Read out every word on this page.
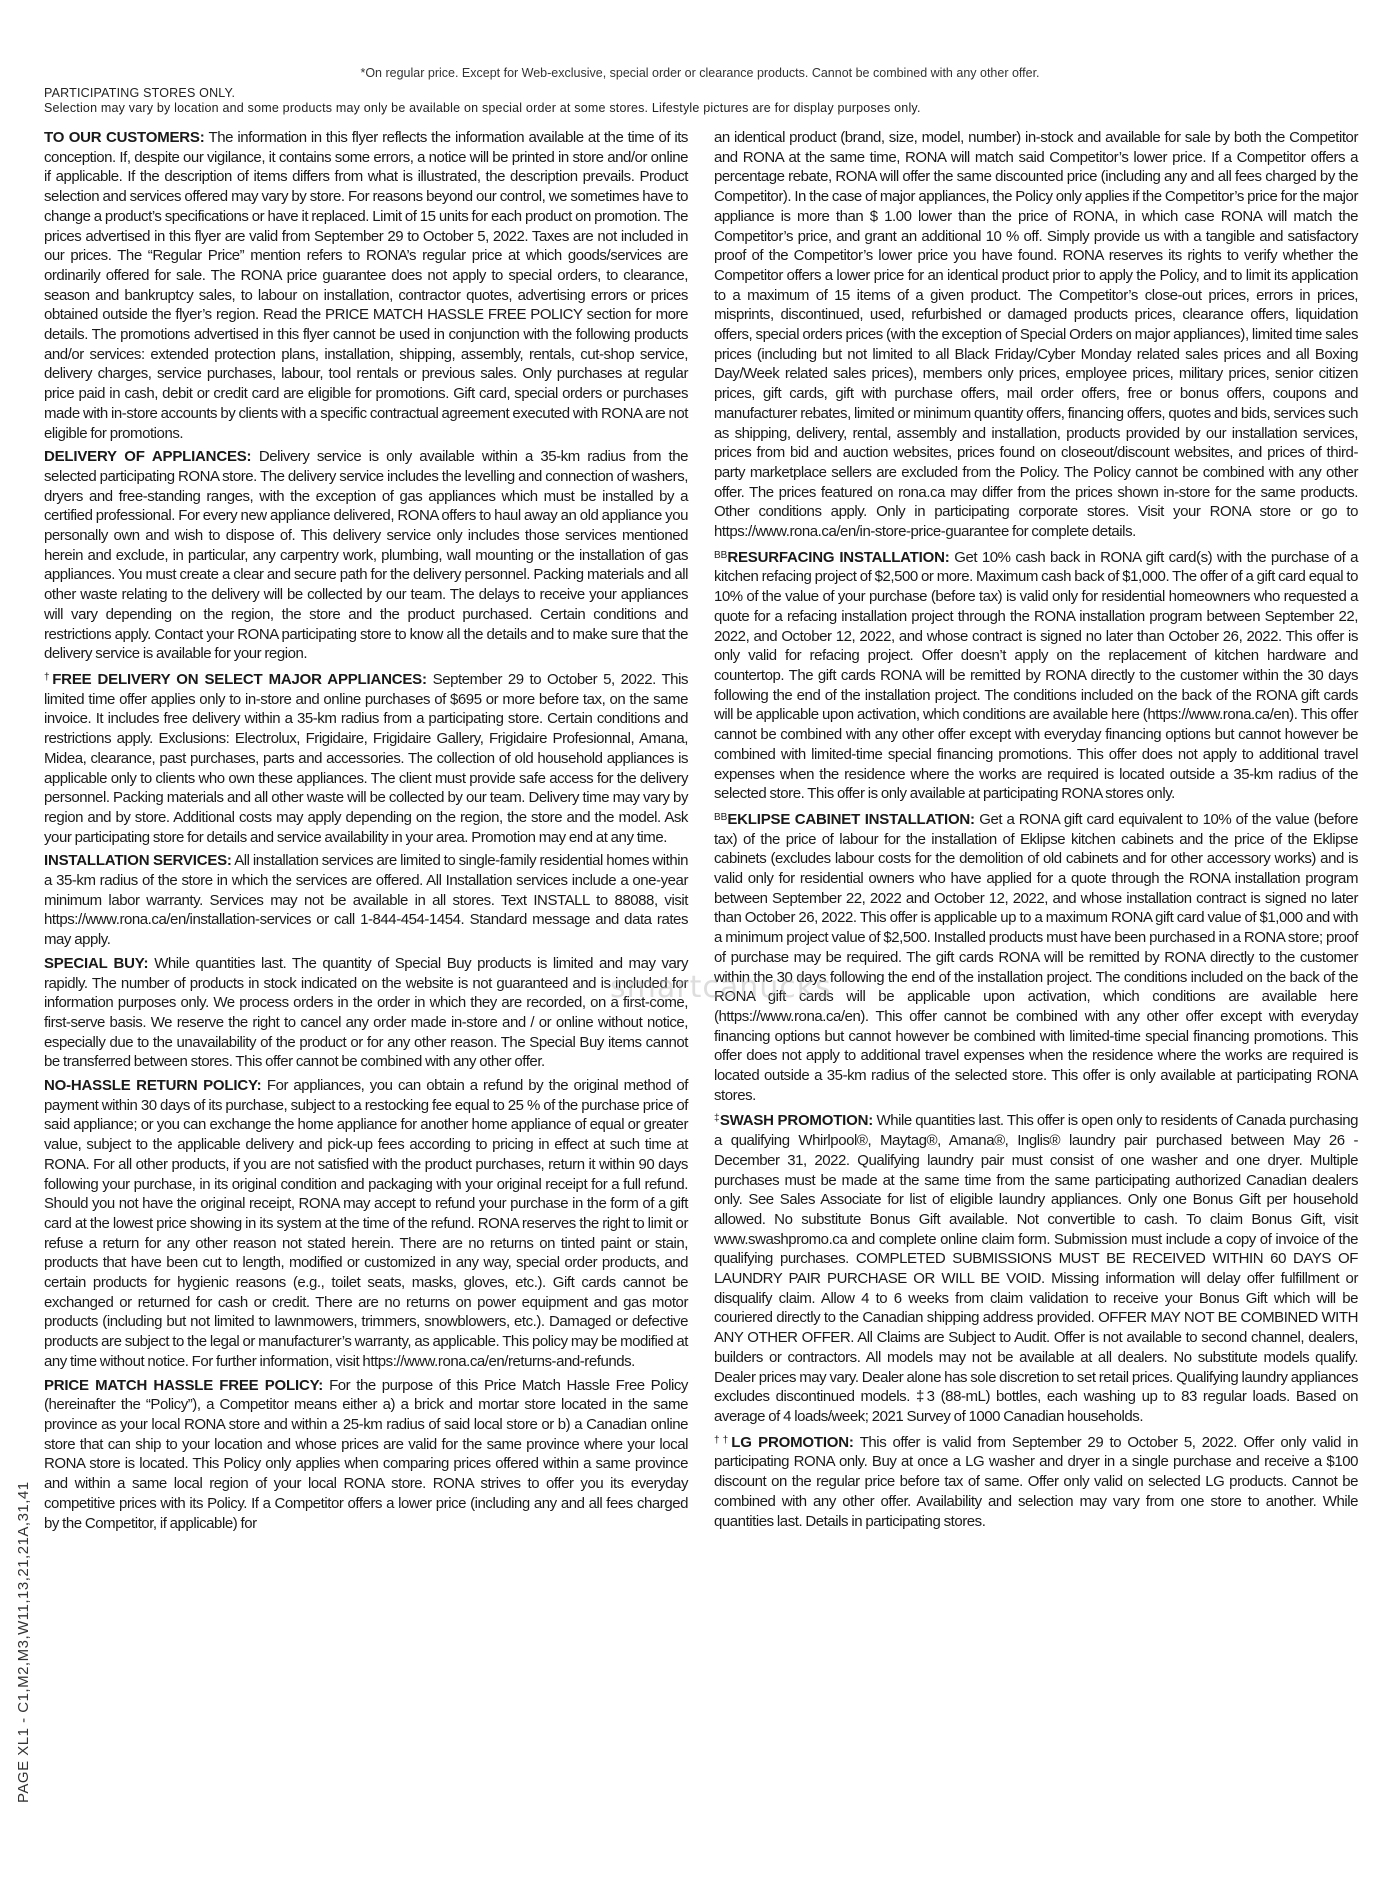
*On regular price. Except for Web-exclusive, special order or clearance products. Cannot be combined with any other offer.
PARTICIPATING STORES ONLY.
Selection may vary by location and some products may only be available on special order at some stores. Lifestyle pictures are for display purposes only.

TO OUR CUSTOMERS: The information in this flyer reflects the information available at the time of its conception. If, despite our vigilance, it contains some errors, a notice will be printed in store and/or online if applicable. If the description of items differs from what is illustrated, the description prevails. Product selection and services offered may vary by store. For reasons beyond our control, we sometimes have to change a product’s specifications or have it replaced. Limit of 15 units for each product on promotion. The prices advertised in this flyer are valid from September 29 to October 5, 2022. Taxes are not included in our prices. The “Regular Price” mention refers to RONA’s regular price at which goods/services are ordinarily offered for sale. The RONA price guarantee does not apply to special orders, to clearance, season and bankruptcy sales, to labour on installation, contractor quotes, advertising errors or prices obtained outside the flyer’s region. Read the PRICE MATCH HASSLE FREE POLICY section for more details. The promotions advertised in this flyer cannot be used in conjunction with the following products and/or services: extended protection plans, installation, shipping, assembly, rentals, cut-shop service, delivery charges, service purchases, labour, tool rentals or previous sales. Only purchases at regular price paid in cash, debit or credit card are eligible for promotions. Gift card, special orders or purchases made with in-store accounts by clients with a specific contractual agreement executed with RONA are not eligible for promotions.

DELIVERY OF APPLIANCES: Delivery service is only available within a 35-km radius from the selected participating RONA store. The delivery service includes the levelling and connection of washers, dryers and free-standing ranges, with the exception of gas appliances which must be installed by a certified professional. For every new appliance delivered, RONA offers to haul away an old appliance you personally own and wish to dispose of. This delivery service only includes those services mentioned herein and exclude, in particular, any carpentry work, plumbing, wall mounting or the installation of gas appliances. You must create a clear and secure path for the delivery personnel. Packing materials and all other waste relating to the delivery will be collected by our team. The delays to receive your appliances will vary depending on the region, the store and the product purchased. Certain conditions and restrictions apply. Contact your RONA participating store to know all the details and to make sure that the delivery service is available for your region.

†FREE DELIVERY ON SELECT MAJOR APPLIANCES: September 29 to October 5, 2022. This limited time offer applies only to in-store and online purchases of $695 or more before tax, on the same invoice. It includes free delivery within a 35-km radius from a participating store. Certain conditions and restrictions apply. Exclusions: Electrolux, Frigidaire, Frigidaire Gallery, Frigidaire Profesionnal, Amana, Midea, clearance, past purchases, parts and accessories. The collection of old household appliances is applicable only to clients who own these appliances. The client must provide safe access for the delivery personnel. Packing materials and all other waste will be collected by our team. Delivery time may vary by region and by store. Additional costs may apply depending on the region, the store and the model. Ask your participating store for details and service availability in your area. Promotion may end at any time.

INSTALLATION SERVICES: All installation services are limited to single-family residential homes within a 35-km radius of the store in which the services are offered. All Installation services include a one-year minimum labor warranty. Services may not be available in all stores. Text INSTALL to 88088, visit https://www.rona.ca/en/installation-services or call 1-844-454-1454. Standard message and data rates may apply.

SPECIAL BUY: While quantities last. The quantity of Special Buy products is limited and may vary rapidly. The number of products in stock indicated on the website is not guaranteed and is included for information purposes only. We process orders in the order in which they are recorded, on a first-come, first-serve basis. We reserve the right to cancel any order made in-store and / or online without notice, especially due to the unavailability of the product or for any other reason. The Special Buy items cannot be transferred between stores. This offer cannot be combined with any other offer.

NO-HASSLE RETURN POLICY: For appliances, you can obtain a refund by the original method of payment within 30 days of its purchase, subject to a restocking fee equal to 25 % of the purchase price of said appliance; or you can exchange the home appliance for another home appliance of equal or greater value, subject to the applicable delivery and pick-up fees according to pricing in effect at such time at RONA. For all other products, if you are not satisfied with the product purchases, return it within 90 days following your purchase, in its original condition and packaging with your original receipt for a full refund. Should you not have the original receipt, RONA may accept to refund your purchase in the form of a gift card at the lowest price showing in its system at the time of the refund. RONA reserves the right to limit or refuse a return for any other reason not stated herein. There are no returns on tinted paint or stain, products that have been cut to length, modified or customized in any way, special order products, and certain products for hygienic reasons (e.g., toilet seats, masks, gloves, etc.). Gift cards cannot be exchanged or returned for cash or credit. There are no returns on power equipment and gas motor products (including but not limited to lawnmowers, trimmers, snowblowers, etc.). Damaged or defective products are subject to the legal or manufacturer’s warranty, as applicable. This policy may be modified at any time without notice. For further information, visit https://www.rona.ca/en/returns-and-refunds.

PRICE MATCH HASSLE FREE POLICY: For the purpose of this Price Match Hassle Free Policy (hereinafter the “Policy”), a Competitor means either a) a brick and mortar store located in the same province as your local RONA store and within a 25-km radius of said local store or b) a Canadian online store that can ship to your location and whose prices are valid for the same province where your local RONA store is located. This Policy only applies when comparing prices offered within a same province and within a same local region of your local RONA store. RONA strives to offer you its everyday competitive prices with its Policy. If a Competitor offers a lower price (including any and all fees charged by the Competitor, if applicable) for

an identical product (brand, size, model, number) in-stock and available for sale by both the Competitor and RONA at the same time, RONA will match said Competitor’s lower price. If a Competitor offers a percentage rebate, RONA will offer the same discounted price (including any and all fees charged by the Competitor). In the case of major appliances, the Policy only applies if the Competitor’s price for the major appliance is more than $ 1.00 lower than the price of RONA, in which case RONA will match the Competitor’s price, and grant an additional 10 % off. Simply provide us with a tangible and satisfactory proof of the Competitor’s lower price you have found. RONA reserves its rights to verify whether the Competitor offers a lower price for an identical product prior to apply the Policy, and to limit its application to a maximum of 15 items of a given product. The Competitor’s close-out prices, errors in prices, misprints, discontinued, used, refurbished or damaged products prices, clearance offers, liquidation offers, special orders prices (with the exception of Special Orders on major appliances), limited time sales prices (including but not limited to all Black Friday/Cyber Monday related sales prices and all Boxing Day/Week related sales prices), members only prices, employee prices, military prices, senior citizen prices, gift cards, gift with purchase offers, mail order offers, free or bonus offers, coupons and manufacturer rebates, limited or minimum quantity offers, financing offers, quotes and bids, services such as shipping, delivery, rental, assembly and installation, products provided by our installation services, prices from bid and auction websites, prices found on closeout/discount websites, and prices of third-party marketplace sellers are excluded from the Policy. The Policy cannot be combined with any other offer. The prices featured on rona.ca may differ from the prices shown in-store for the same products. Other conditions apply. Only in participating corporate stores. Visit your RONA store or go to https://www.rona.ca/en/in-store-price-guarantee for complete details.

$^{BB}$RESURFACING INSTALLATION: Get 10% cash back in RONA gift card(s) with the purchase of a kitchen refacing project of $2,500 or more. Maximum cash back of $1,000. The offer of a gift card equal to 10% of the value of your purchase (before tax) is valid only for residential homeowners who requested a quote for a refacing installation project through the RONA installation program between September 22, 2022, and October 12, 2022, and whose contract is signed no later than October 26, 2022. This offer is only valid for refacing project. Offer doesn’t apply on the replacement of kitchen hardware and countertop. The gift cards RONA will be remitted by RONA directly to the customer within the 30 days following the end of the installation project. The conditions included on the back of the RONA gift cards will be applicable upon activation, which conditions are available here (https://www.rona.ca/en). This offer cannot be combined with any other offer except with everyday financing options but cannot however be combined with limited-time special financing promotions. This offer does not apply to additional travel expenses when the residence where the works are required is located outside a 35-km radius of the selected store. This offer is only available at participating RONA stores only.

$^{BB}$EKLIPSE CABINET INSTALLATION: Get a RONA gift card equivalent to 10% of the value (before tax) of the price of labour for the installation of Eklipse kitchen cabinets and the price of the Eklipse cabinets (excludes labour costs for the demolition of old cabinets and for other accessory works) and is valid only for residential owners who have applied for a quote through the RONA installation program between September 22, 2022 and October 12, 2022, and whose installation contract is signed no later than October 26, 2022. This offer is applicable up to a maximum RONA gift card value of $1,000 and with a minimum project value of $2,500. Installed products must have been purchased in a RONA store; proof of purchase may be required. The gift cards RONA will be remitted by RONA directly to the customer within the 30 days following the end of the installation project. The conditions included on the back of the RONA gift cards will be applicable upon activation, which conditions are available here (https://www.rona.ca/en). This offer cannot be combined with any other offer except with everyday financing options but cannot however be combined with limited-time special financing promotions. This offer does not apply to additional travel expenses when the residence where the works are required is located outside a 35-km radius of the selected store. This offer is only available at participating RONA stores.

‡SWASH PROMOTION: While quantities last. This offer is open only to residents of Canada purchasing a qualifying Whirlpool®, Maytag®, Amana®, Inglis® laundry pair purchased between May 26 - December 31, 2022. Qualifying laundry pair must consist of one washer and one dryer. Multiple purchases must be made at the same time from the same participating authorized Canadian dealers only. See Sales Associate for list of eligible laundry appliances. Only one Bonus Gift per household allowed. No substitute Bonus Gift available. Not convertible to cash. To claim Bonus Gift, visit www.swashpromo.ca and complete online claim form. Submission must include a copy of invoice of the qualifying purchases. COMPLETED SUBMISSIONS MUST BE RECEIVED WITHIN 60 DAYS OF LAUNDRY PAIR PURCHASE OR WILL BE VOID. Missing information will delay offer fulfillment or disqualify claim. Allow 4 to 6 weeks from claim validation to receive your Bonus Gift which will be couriered directly to the Canadian shipping address provided. OFFER MAY NOT BE COMBINED WITH ANY OTHER OFFER. All Claims are Subject to Audit. Offer is not available to second channel, dealers, builders or contractors. All models may not be available at all dealers. No substitute models qualify. Dealer prices may vary. Dealer alone has sole discretion to set retail prices. Qualifying laundry appliances excludes discontinued models. ‡3 (88-mL) bottles, each washing up to 83 regular loads. Based on average of 4 loads/week; 2021 Survey of 1000 Canadian households.

††LG PROMOTION: This offer is valid from September 29 to October 5, 2022. Offer only valid in participating RONA only. Buy at once a LG washer and dryer in a single purchase and receive a $100 discount on the regular price before tax of same. Offer only valid on selected LG products. Cannot be combined with any other offer. Availability and selection may vary from one store to another. While quantities last. Details in participating stores.

PAGE XL1 - C1,M2,M3,W11,13,21,21A,31,41
smartcanucks
